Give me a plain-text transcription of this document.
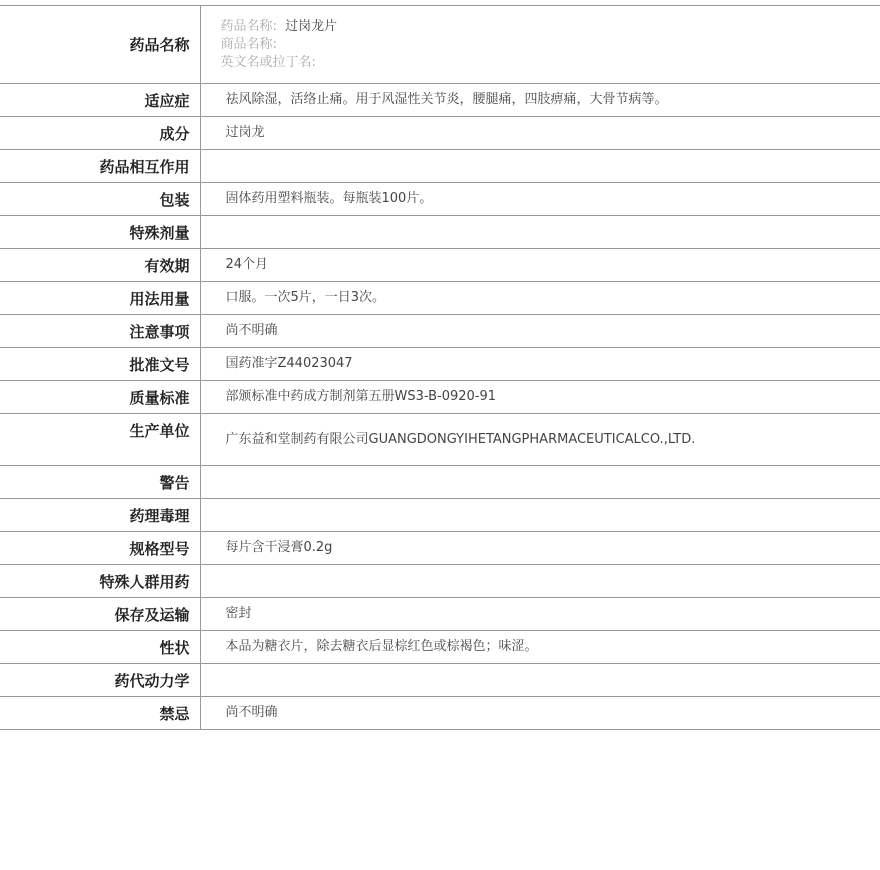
药品名称	药品名称: 过岗龙片
商品名称:
英文名或拉丁名:

适应症	祛风除湿，活络止痛。用于风湿性关节炎，腰腿痛，四肢痹痛，大骨节病等。

成分	过岗龙

药品相互作用	

包装	固体药用塑料瓶装。每瓶装100片。

特殊剂量	

有效期	24个月

用法用量	口服。一次5片，一日3次。

注意事项	尚不明确

批准文号	国药准字Z44023047

质量标准	部颁标准中药成方制剂第五册WS3-B-0920-91

生产单位	广东益和堂制药有限公司GUANGDONGYIHETANGPHARMACEUTICALCO.,LTD.

警告	

药理毒理	

规格型号	每片含干浸膏0.2g

特殊人群用药	

保存及运输	密封

性状	本品为糖衣片，除去糖衣后显棕红色或棕褐色；味涩。

药代动力学	

禁忌	尚不明确
